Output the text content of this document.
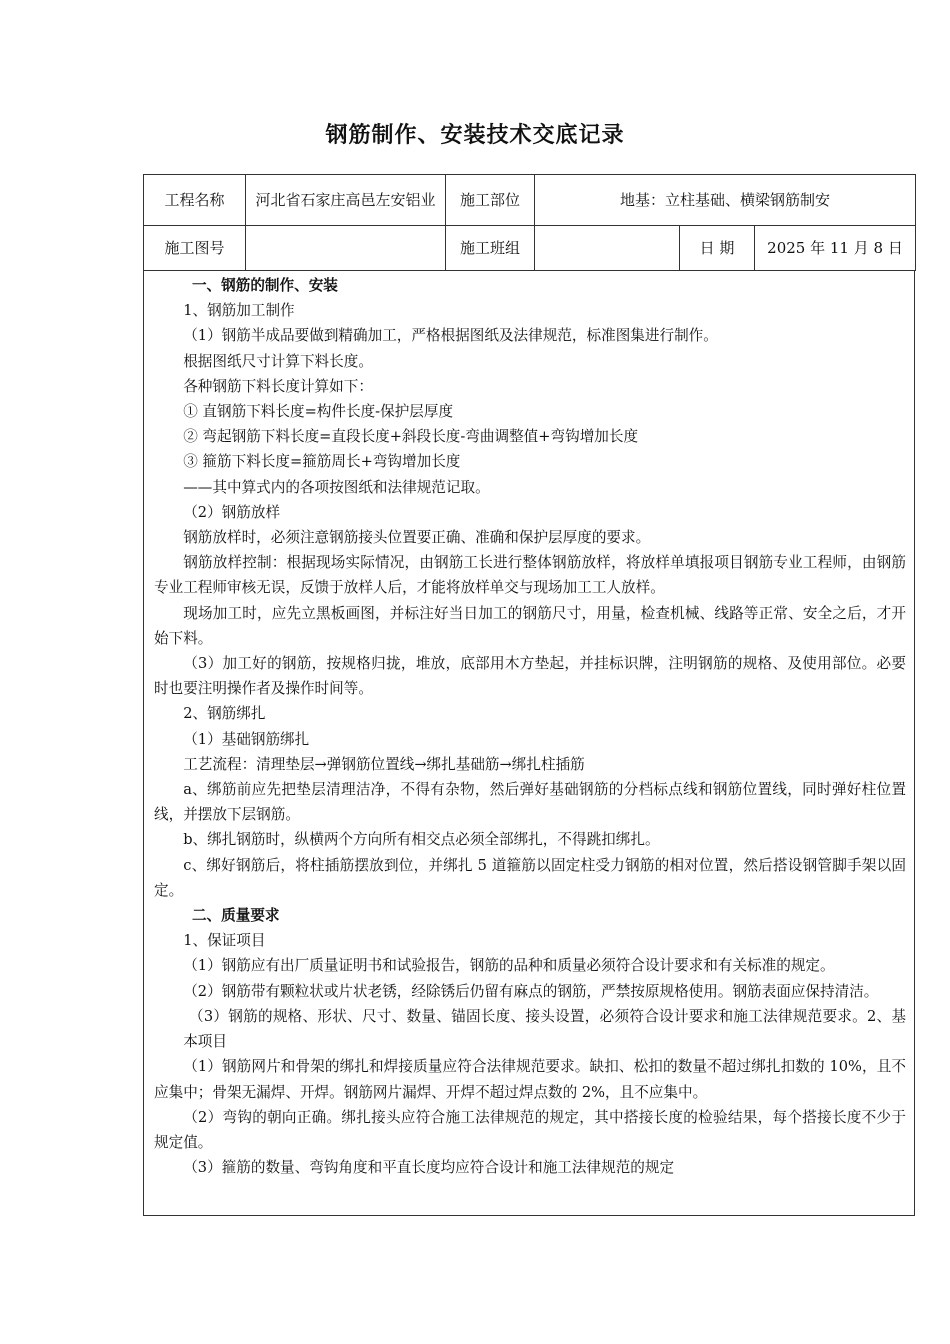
钢筋制作、安装技术交底记录
工程名称	河北省石家庄高邑左安铝业	施工部位	地基：立柱基础、横梁钢筋制安		
施工图号		施工班组		日 期	2025 年 11 月 8 日

一、钢筋的制作、安装

1、钢筋加工制作

（1）钢筋半成品要做到精确加工，严格根据图纸及法律规范，标准图集进行制作。

根据图纸尺寸计算下料长度。

各种钢筋下料长度计算如下：

① 直钢筋下料长度=构件长度-保护层厚度

② 弯起钢筋下料长度=直段长度+斜段长度-弯曲调整值+弯钩增加长度

③ 箍筋下料长度=箍筋周长+弯钩增加长度

——其中算式内的各项按图纸和法律规范记取。

（2）钢筋放样

钢筋放样时，必须注意钢筋接头位置要正确、准确和保护层厚度的要求。

钢筋放样控制：根据现场实际情况，由钢筋工长进行整体钢筋放样，将放样单填报项目钢筋专业工程师，由钢筋专业工程师审核无误，反馈于放样人后，才能将放样单交与现场加工工人放样。

现场加工时，应先立黑板画图，并标注好当日加工的钢筋尺寸，用量，检查机械、线路等正常、安全之后，才开始下料。

（3）加工好的钢筋，按规格归拢，堆放，底部用木方垫起，并挂标识牌，注明钢筋的规格、及使用部位。必要时也要注明操作者及操作时间等。

2、钢筋绑扎

（1）基础钢筋绑扎

工艺流程：清理垫层→弹钢筋位置线→绑扎基础筋→绑扎柱插筋

a、绑筋前应先把垫层清理洁净，不得有杂物，然后弹好基础钢筋的分档标点线和钢筋位置线，同时弹好柱位置线，并摆放下层钢筋。

b、绑扎钢筋时，纵横两个方向所有相交点必须全部绑扎，不得跳扣绑扎。

c、绑好钢筋后，将柱插筋摆放到位，并绑扎 5 道箍筋以固定柱受力钢筋的相对位置，然后搭设钢管脚手架以固定。

二、质量要求

1、保证项目

（1）钢筋应有出厂质量证明书和试验报告，钢筋的品种和质量必须符合设计要求和有关标准的规定。

（2）钢筋带有颗粒状或片状老锈，经除锈后仍留有麻点的钢筋，严禁按原规格使用。钢筋表面应保持清洁。

（3）钢筋的规格、形状、尺寸、数量、锚固长度、接头设置，必须符合设计要求和施工法律规范要求。2、基本项目

（1）钢筋网片和骨架的绑扎和焊接质量应符合法律规范要求。缺扣、松扣的数量不超过绑扎扣数的 10%，且不应集中；骨架无漏焊、开焊。钢筋网片漏焊、开焊不超过焊点数的 2%，且不应集中。

（2）弯钩的朝向正确。绑扎接头应符合施工法律规范的规定，其中搭接长度的检验结果，每个搭接长度不少于规定值。

（3）箍筋的数量、弯钩角度和平直长度均应符合设计和施工法律规范的规定
